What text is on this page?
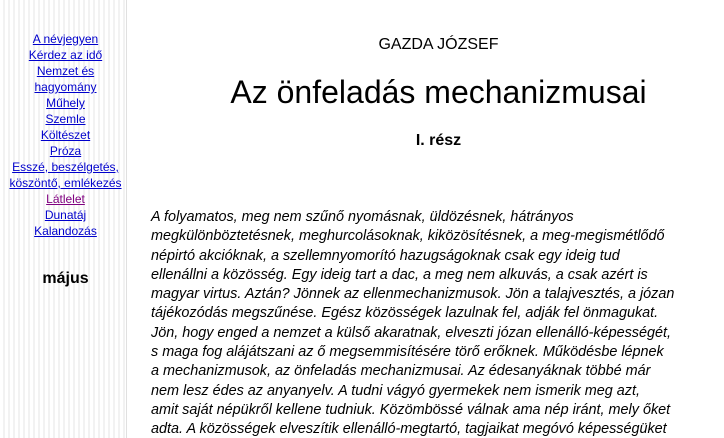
A névjegyen
Kérdez az idő
Nemzet és
hagyomány
Műhely
Szemle
Költészet
Próza
Esszé, beszélgetés,
köszöntő, emlékezés
Látlelet
Dunatáj
Kalandozás
május
GAZDA JÓZSEF
Az önfeladás mechanizmusai
I. rész
A folyamatos, meg nem szűnő nyomásnak, üldözésnek, hátrányos
megkülönböztetésnek, meghurcolásoknak, kiközösítésnek, a meg-megismétlődő
népirtó akcióknak, a szellemnyomorító hazugságoknak csak egy ideig tud
ellenállni a közösség. Egy ideig tart a dac, a meg nem alkuvás, a csak azért is
magyar virtus. Aztán? Jönnek az ellenmechanizmusok. Jön a talajvesztés, a józan
tájékozódás megszűnése. Egész közösségek lazulnak fel, adják fel önmagukat.
Jön, hogy enged a nemzet a külső akaratnak, elveszti józan ellenálló-képességét,
s maga fog alájátszani az ő megsemmisítésére törő erőknek. Működésbe lépnek
a mechanizmusok, az önfeladás mechanizmusai. Az édesanyáknak többé már
nem lesz édes az anyanyelv. A tudni vágyó gyermekek nem ismerik meg azt,
amit saját népükről kellene tudniuk. Közömbössé válnak ama nép iránt, mely őket
adta. A közösségek elveszítik ellenálló-megtartó, tagjaikat megóvó képességüket
